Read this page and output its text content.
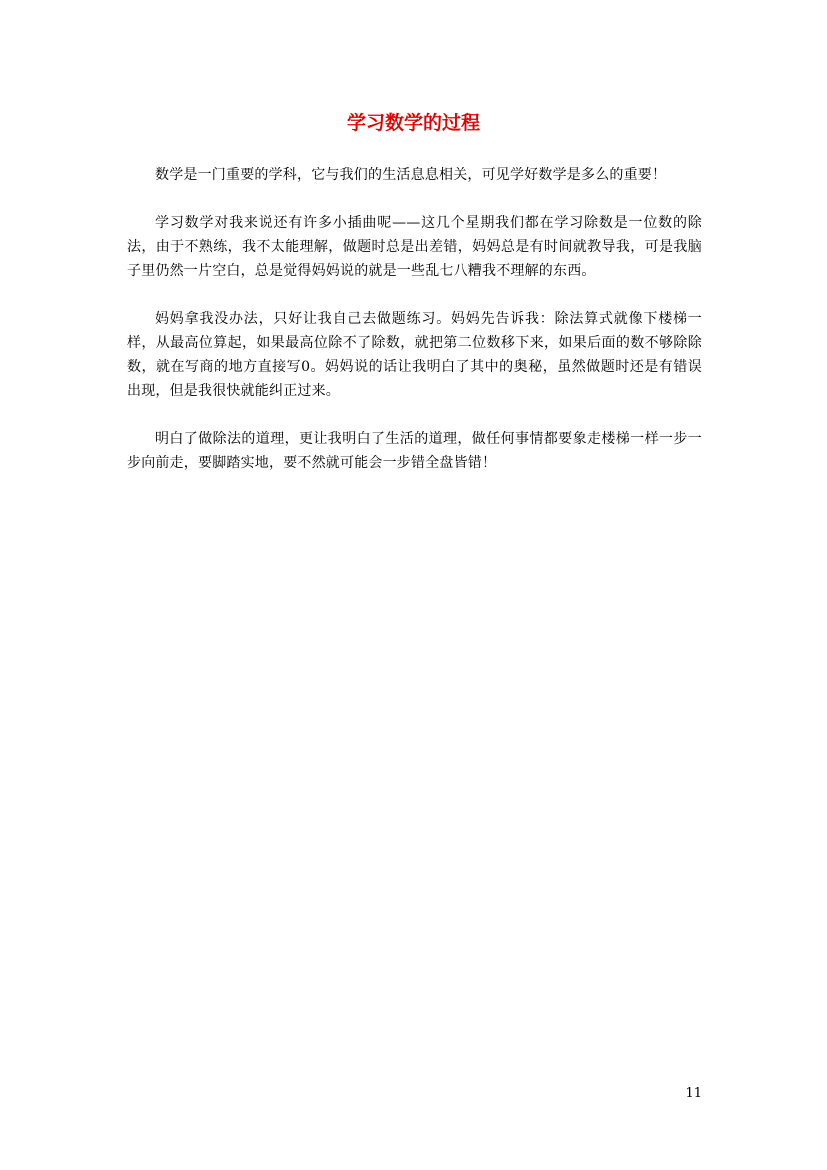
学习数学的过程

数学是一门重要的学科，它与我们的生活息息相关，可见学好数学是多么的重要！

学习数学对我来说还有许多小插曲呢——这几个星期我们都在学习除数是一位数的除法，由于不熟练，我不太能理解，做题时总是出差错，妈妈总是有时间就教导我，可是我脑子里仍然一片空白，总是觉得妈妈说的就是一些乱七八糟我不理解的东西。

妈妈拿我没办法，只好让我自己去做题练习。妈妈先告诉我：除法算式就像下楼梯一样，从最高位算起，如果最高位除不了除数，就把第二位数移下来，如果后面的数不够除除数，就在写商的地方直接写0。妈妈说的话让我明白了其中的奥秘，虽然做题时还是有错误出现，但是我很快就能纠正过来。

明白了做除法的道理，更让我明白了生活的道理，做任何事情都要象走楼梯一样一步一步向前走，要脚踏实地，要不然就可能会一步错全盘皆错！

11
